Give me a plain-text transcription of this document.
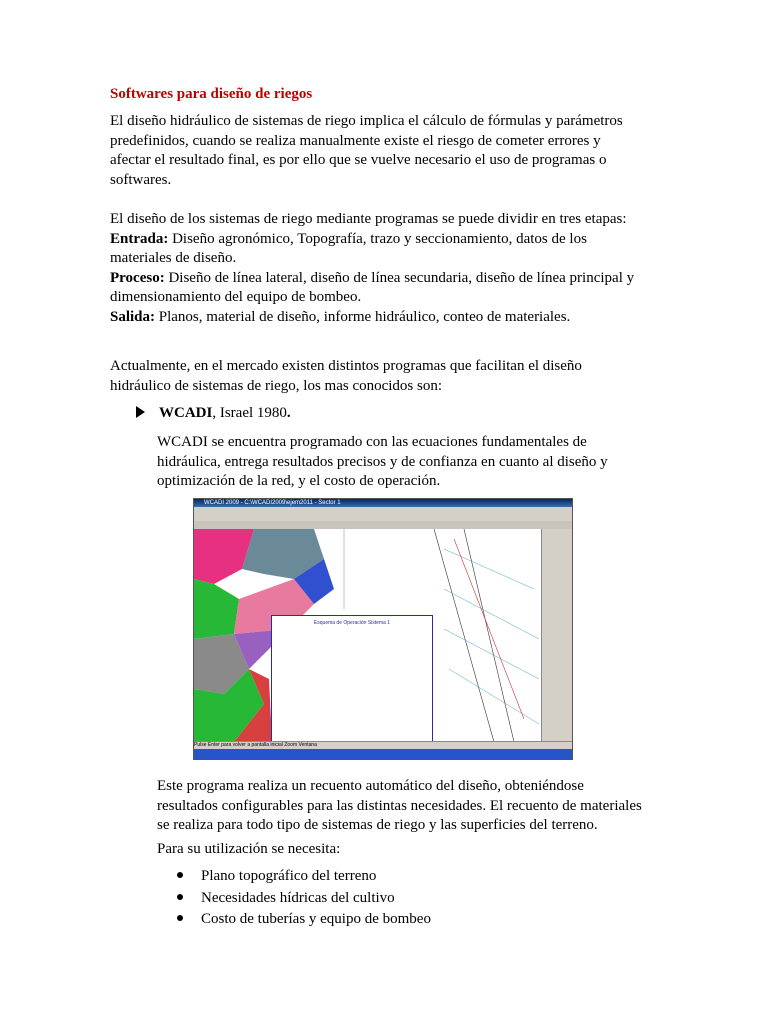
Softwares para diseño de riegos

El diseño hidráulico de sistemas de riego implica el cálculo de fórmulas y parámetros

predefinidos, cuando se realiza manualmente existe el riesgo de cometer errores y

afectar el resultado final, es por ello que se vuelve necesario el uso de programas o

softwares.

El diseño de los sistemas de riego mediante programas se puede dividir en tres etapas:

Entrada: Diseño agronómico, Topografía, trazo y seccionamiento, datos de los

materiales de diseño.

Proceso: Diseño de línea lateral, diseño de línea secundaria, diseño de línea principal y

dimensionamiento del equipo de bombeo.

Salida: Planos, material de diseño, informe hidráulico, conteo de materiales.

Actualmente, en el mercado existen distintos programas que facilitan el diseño

hidráulico de sistemas de riego, los mas conocidos son:

WCADI, Israel 1980.

WCADI se encuentra programado con las ecuaciones fundamentales de

hidráulica, entrega resultados precisos y de confianza en cuanto al diseño y

optimización de la red, y el costo de operación.

WCADI 2009 - C:\WCADI2009\ejem2011 - Sector 1
Esquema de Operación Sistema 1
Pulse Enter para volver a pantalla inicial Zoom Ventana

Este programa realiza un recuento automático del diseño, obteniéndose

resultados configurables para las distintas necesidades. El recuento de materiales

se realiza para todo tipo de sistemas de riego y las superficies del terreno.

Para su utilización se necesita:

Plano topográfico del terreno
Necesidades hídricas del cultivo
Costo de tuberías y equipo de bombeo
